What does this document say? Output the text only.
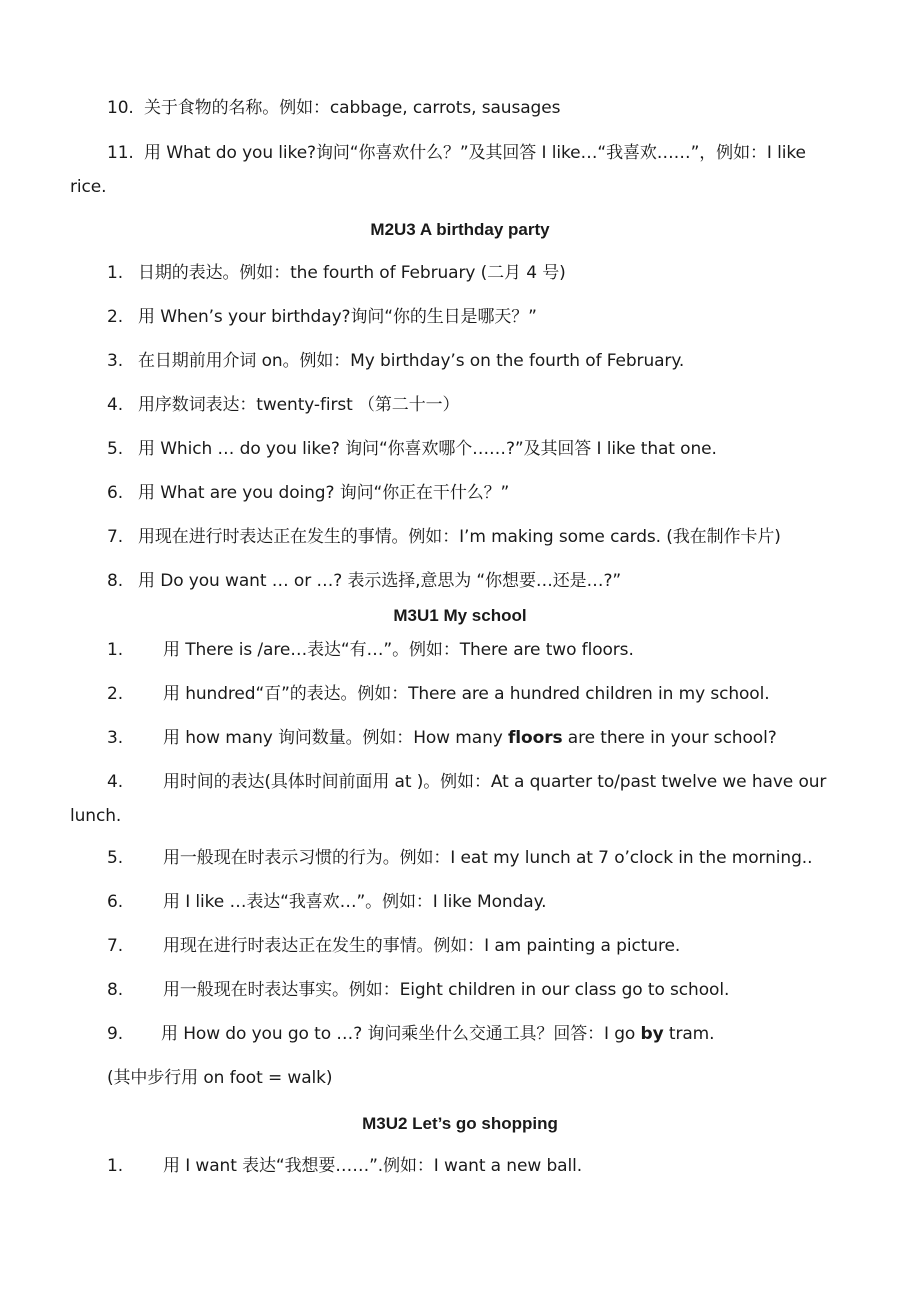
10. 关于食物的名称。例如：cabbage, carrots, sausages
11. 用 What do you like?询问“你喜欢什么？”及其回答 I like…“我喜欢……”，例如：I like
rice.
M2U3 A birthday party
1. 日期的表达。例如：the fourth of February (二月 4 号)
2. 用 When’s your birthday?询问“你的生日是哪天？”
3. 在日期前用介词 on。例如：My birthday’s on the fourth of February.
4. 用序数词表达：twenty-first （第二十一）
5. 用 Which … do you like? 询问“你喜欢哪个……?”及其回答 I like that one.
6. 用 What are you doing? 询问“你正在干什么？”
7. 用现在进行时表达正在发生的事情。例如：I’m making some cards. (我在制作卡片)
8. 用 Do you want … or …? 表示选择,意思为 “你想要…还是…?”
M3U1 My school
1. 用 There is /are…表达“有…”。例如：There are two floors.
2. 用 hundred“百”的表达。例如：There are a hundred children in my school.
3. 用 how many 询问数量。例如：How many floors are there in your school?
4. 用时间的表达(具体时间前面用 at )。例如：At a quarter to/past twelve we have our
lunch.
5. 用一般现在时表示习惯的行为。例如：I eat my lunch at 7 o’clock in the morning..
6. 用 I like …表达“我喜欢…”。例如：I like Monday.
7. 用现在进行时表达正在发生的事情。例如：I am painting a picture.
8. 用一般现在时表达事实。例如：Eight children in our class go to school.
9. 用 How do you go to …? 询问乘坐什么交通工具？回答：I go by tram.
(其中步行用 on foot = walk)
M3U2 Let’s go shopping
1. 用 I want 表达“我想要……”.例如：I want a new ball.
